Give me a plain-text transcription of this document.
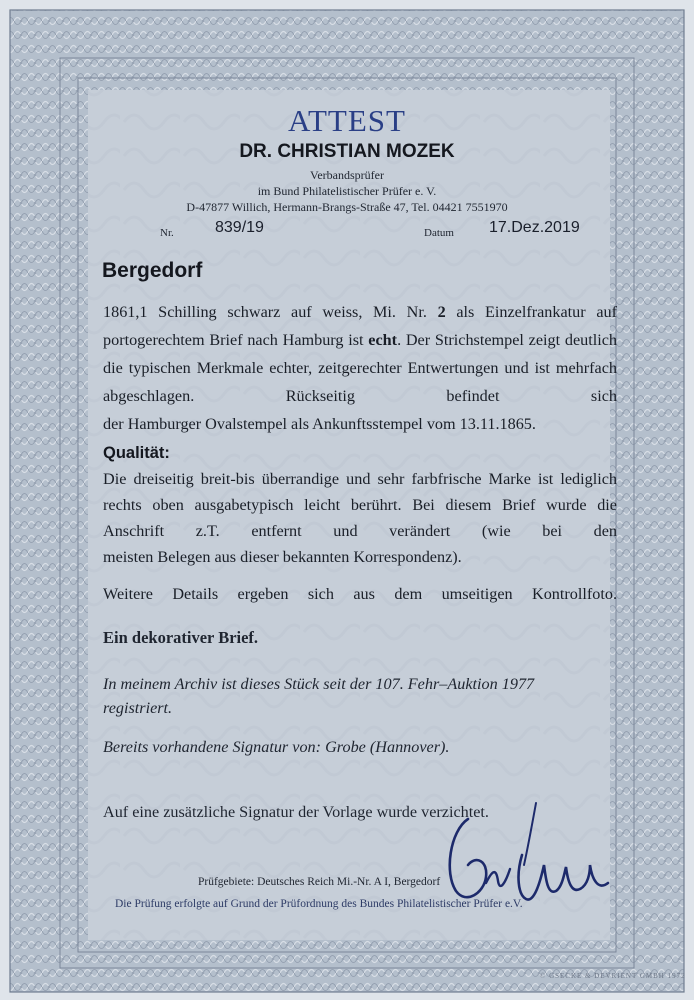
ATTEST
DR. CHRISTIAN MOZEK
Verbandsprüfer
im Bund Philatelistischer Prüfer e. V.
D-47877 Willich, Hermann-Brangs-Straße 47, Tel. 04421 7551970
Nr.	839/19	Datum 17.Dez.2019
Bergedorf
1861,1 Schilling schwarz auf weiss, Mi. Nr. 2 als Einzelfrankatur auf portogerechtem Brief nach Hamburg ist echt. Der Strichstempel zeigt deutlich die typischen Merkmale echter, zeitgerechter Entwertungen und ist mehrfach abgeschlagen. Rückseitig befindet sich
der Hamburger Ovalstempel als Ankunftsstempel vom 13.11.1865.
Qualität:
Die dreiseitig breit-bis überrandige und sehr farbfrische Marke ist lediglich rechts oben ausgabetypisch leicht berührt. Bei diesem Brief wurde die Anschrift z.T. entfernt und verändert (wie bei den
meisten Belegen aus dieser bekannten Korrespondenz).
Weitere Details ergeben sich aus dem umseitigen Kontrollfoto.
Ein dekorativer Brief.
In meinem Archiv ist dieses Stück seit der 107. Fehr–Auktion 1977
registriert.
Bereits vorhandene Signatur von: Grobe (Hannover).
Auf eine zusätzliche Signatur der Vorlage wurde verzichtet.
Prüfgebiete: Deutsches Reich Mi.-Nr. A I, Bergedorf
Die Prüfung erfolgte auf Grund der Prüfordnung des Bundes Philatelistischer Prüfer e.V.
© GSECKE & DEVRIENT GMBH 1972
